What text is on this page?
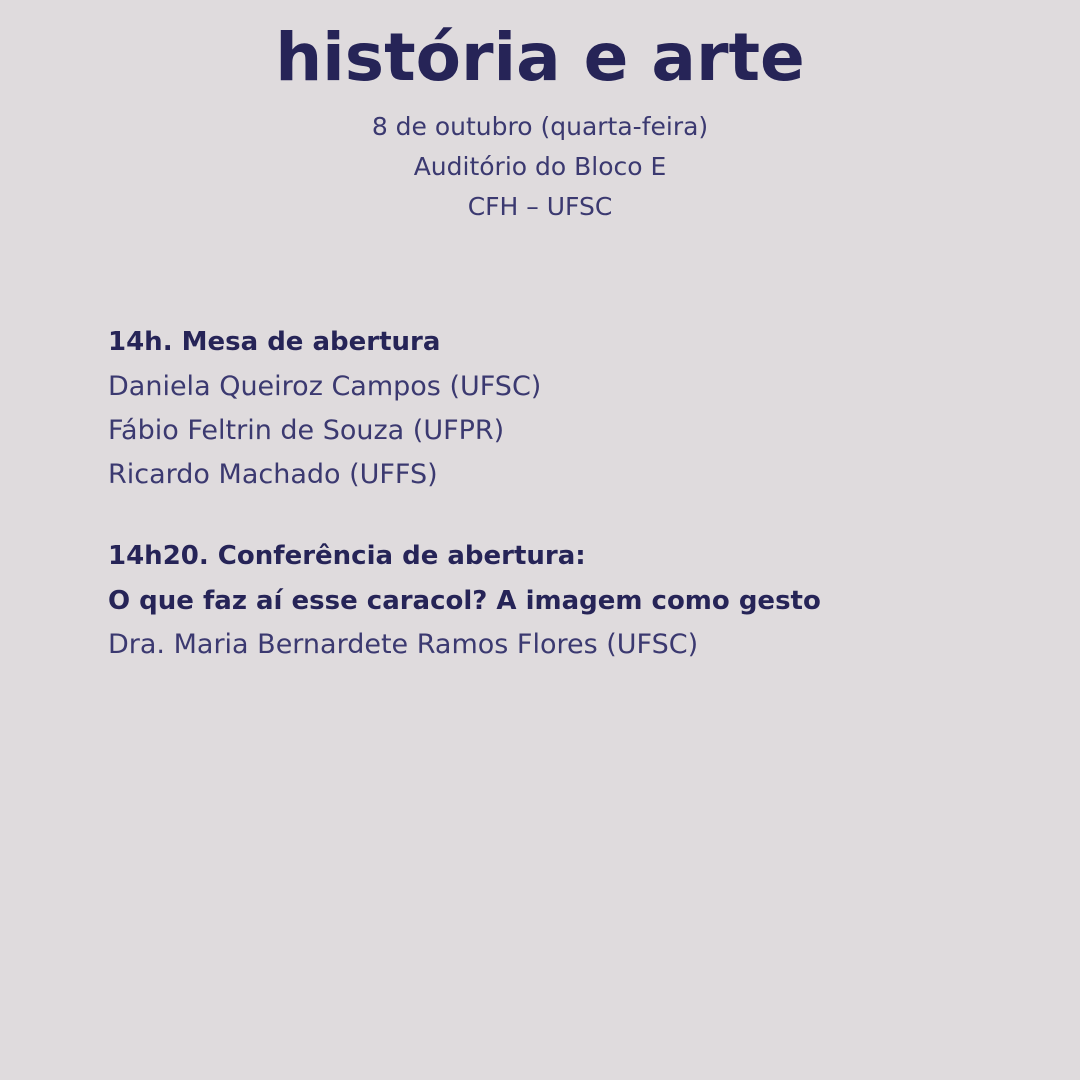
história e arte
8 de outubro (quarta-feira)
Auditório do Bloco E
CFH – UFSC
14h. Mesa de abertura
Daniela Queiroz Campos (UFSC)
Fábio Feltrin de Souza (UFPR)
Ricardo Machado (UFFS)
14h20. Conferência de abertura:
O que faz aí esse caracol? A imagem como gesto
Dra. Maria Bernardete Ramos Flores (UFSC)
